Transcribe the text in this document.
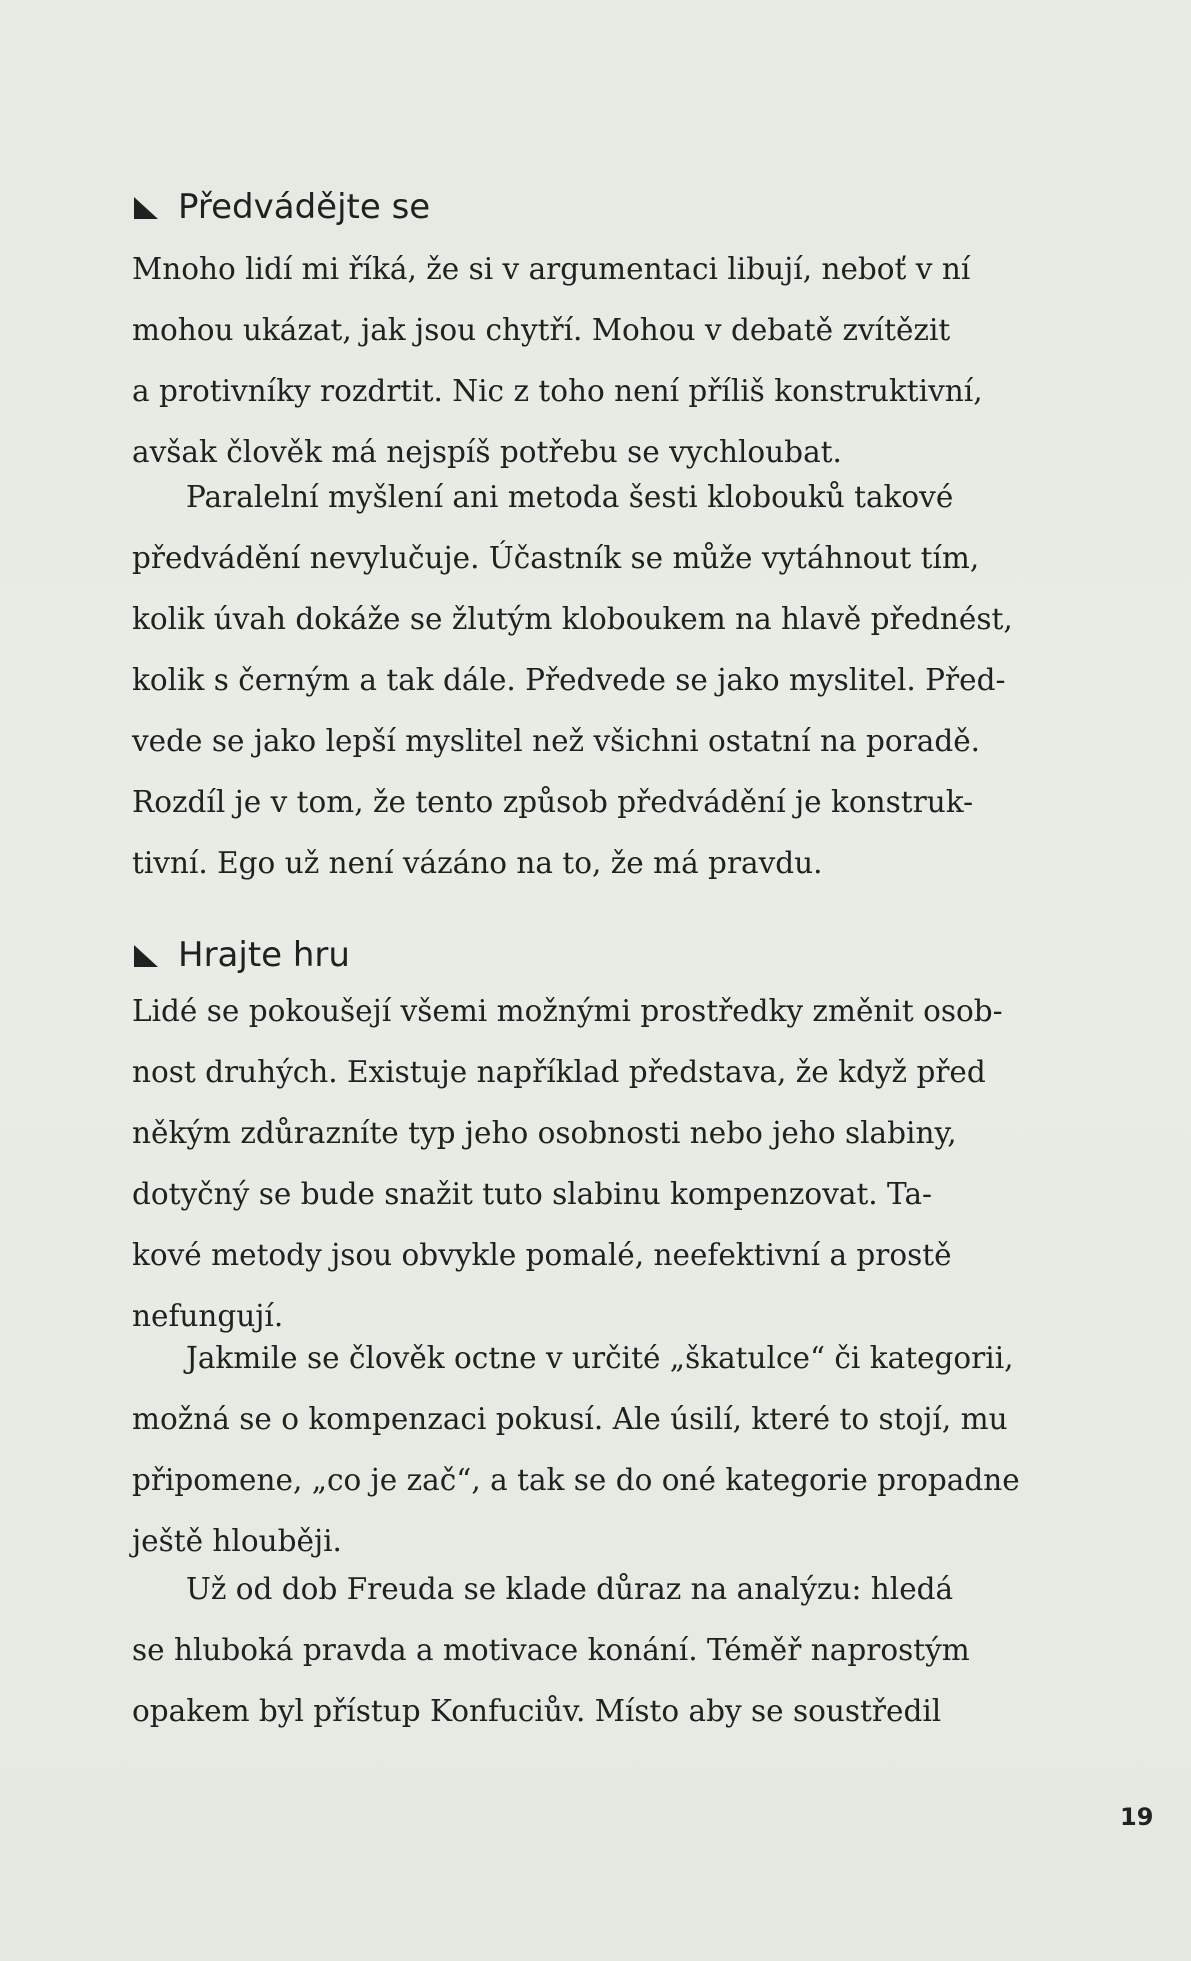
Předvádějte se
Mnoho lidí mi říká, že si v argumentaci libují, neboť v ní
mohou ukázat, jak jsou chytří. Mohou v debatě zvítězit
a protivníky rozdrtit. Nic z toho není příliš konstruktivní,
avšak člověk má nejspíš potřebu se vychloubat.
Paralelní myšlení ani metoda šesti klobouků takové
předvádění nevylučuje. Účastník se může vytáhnout tím,
kolik úvah dokáže se žlutým kloboukem na hlavě přednést,
kolik s černým a tak dále. Předvede se jako myslitel. Před-
vede se jako lepší myslitel než všichni ostatní na poradě.
Rozdíl je v tom, že tento způsob předvádění je konstruk-
tivní. Ego už není vázáno na to, že má pravdu.
Hrajte hru
Lidé se pokoušejí všemi možnými prostředky změnit osob-
nost druhých. Existuje například představa, že když před
někým zdůrazníte typ jeho osobnosti nebo jeho slabiny,
dotyčný se bude snažit tuto slabinu kompenzovat. Ta-
kové metody jsou obvykle pomalé, neefektivní a prostě
nefungují.
Jakmile se člověk octne v určité „škatulce“ či kategorii,
možná se o kompenzaci pokusí. Ale úsilí, které to stojí, mu
připomene, „co je zač“, a tak se do oné kategorie propadne
ještě hlouběji.
Už od dob Freuda se klade důraz na analýzu: hledá
se hluboká pravda a motivace konání. Téměř naprostým
opakem byl přístup Konfuciův. Místo aby se soustředil
19
